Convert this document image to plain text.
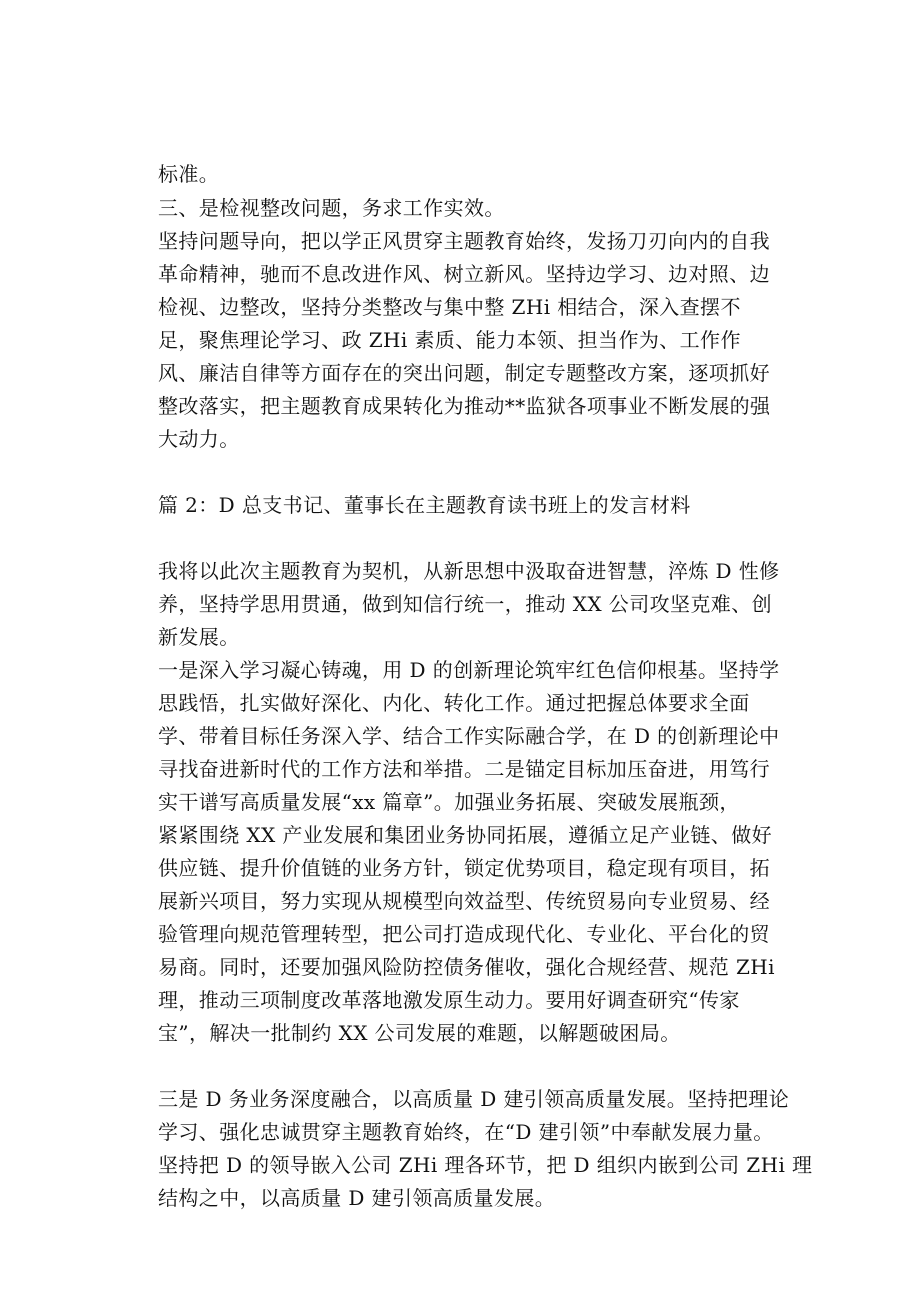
标准。
三、是检视整改问题，务求工作实效。
坚持问题导向，把以学正风贯穿主题教育始终，发扬刀刃向内的自我
革命精神，驰而不息改进作风、树立新风。坚持边学习、边对照、边
检视、边整改，坚持分类整改与集中整 ZHi 相结合，深入查摆不
足，聚焦理论学习、政 ZHi 素质、能力本领、担当作为、工作作
风、廉洁自律等方面存在的突出问题，制定专题整改方案，逐项抓好
整改落实，把主题教育成果转化为推动**监狱各项事业不断发展的强
大动力。
篇 2：D 总支书记、董事长在主题教育读书班上的发言材料
我将以此次主题教育为契机，从新思想中汲取奋进智慧，淬炼 D 性修
养，坚持学思用贯通，做到知信行统一，推动 XX 公司攻坚克难、创
新发展。
一是深入学习凝心铸魂，用 D 的创新理论筑牢红色信仰根基。坚持学
思践悟，扎实做好深化、内化、转化工作。通过把握总体要求全面
学、带着目标任务深入学、结合工作实际融合学，在 D 的创新理论中
寻找奋进新时代的工作方法和举措。二是锚定目标加压奋进，用笃行
实干谱写高质量发展“xx 篇章”。加强业务拓展、突破发展瓶颈，
紧紧围绕 XX 产业发展和集团业务协同拓展，遵循立足产业链、做好
供应链、提升价值链的业务方针，锁定优势项目，稳定现有项目，拓
展新兴项目，努力实现从规模型向效益型、传统贸易向专业贸易、经
验管理向规范管理转型，把公司打造成现代化、专业化、平台化的贸
易商。同时，还要加强风险防控债务催收，强化合规经营、规范 ZHi
理，推动三项制度改革落地激发原生动力。要用好调查研究“传家
宝”，解决一批制约 XX 公司发展的难题，以解题破困局。
三是 D 务业务深度融合，以高质量 D 建引领高质量发展。坚持把理论
学习、强化忠诚贯穿主题教育始终，在“D 建引领”中奉献发展力量。
坚持把 D 的领导嵌入公司 ZHi 理各环节，把 D 组织内嵌到公司 ZHi 理
结构之中，以高质量 D 建引领高质量发展。
